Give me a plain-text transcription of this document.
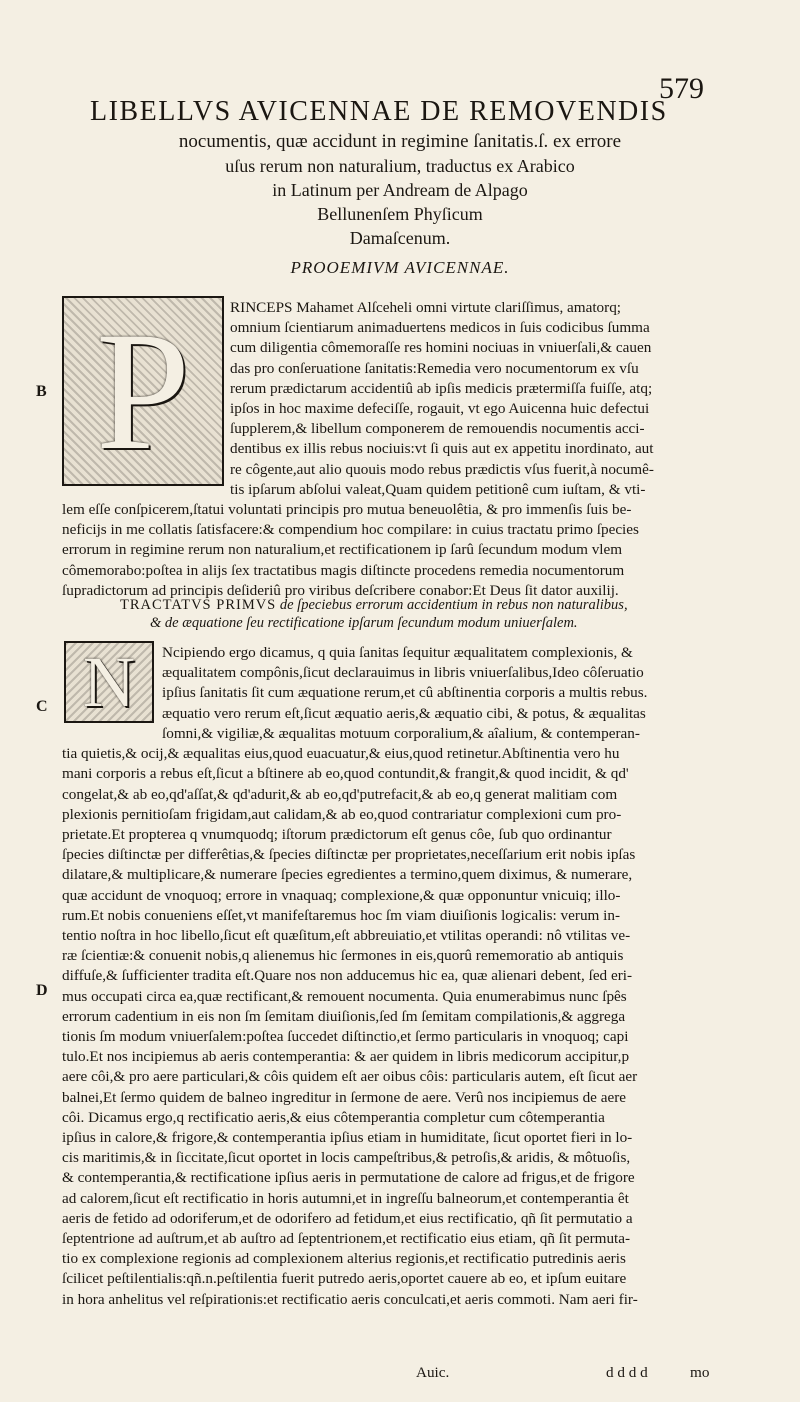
579
LIBELLVS AVICENNAE DE REMOVENDIS
nocumentis, quæ accidunt in regimine ſanitatis.ſ. ex errore
uſus rerum non naturalium, traductus ex Arabico
in Latinum per Andream de Alpago
Bellunenſem Phyſicum
Damaſcenum.
PROOEMIVM AVICENNAE.
P
B
RINCEPS Mahamet Alſceheli omni virtute clariſſimus, amatorq;
omnium ſcientiarum animaduertens medicos in ſuis codicibus ſumma
cum diligentia cômemoraſſe res homini nociuas in vniuerſali,& cauen
das pro conſeruatione ſanitatis:Remedia vero nocumentorum ex vſu
rerum prædictarum accidentiû ab ipſis medicis prætermiſſa fuiſſe, atq;
ipſos in hoc maxime defeciſſe, rogauit, vt ego Auicenna huic defectui
ſupplerem,& libellum componerem de remouendis nocumentis acci-
dentibus ex illis rebus nociuis:vt ſi quis aut ex appetitu inordinato, aut
re côgente,aut alio quouis modo rebus prædictis vſus fuerit,à nocumê-
tis ipſarum abſolui valeat,Quam quidem petitionê cum iuſtam, & vti-
lem eſſe conſpicerem,ſtatui voluntati principis pro mutua beneuolêtia, & pro immenſis ſuis be-
neficijs in me collatis ſatisfacere:& compendium hoc compilare: in cuius tractatu primo ſpecies
errorum in regimine rerum non naturalium,et rectificationem ip ſarû ſecundum modum vlem
cômemorabo:poſtea in alijs ſex tractatibus magis diſtincte procedens remedia nocumentorum
ſupradictorum ad principis deſideriû pro viribus deſcribere conabor:Et Deus ſit dator auxilij.
TRACTATVS PRIMVS de ſpeciebus errorum accidentium in rebus non naturalibus,
& de æquatione ſeu rectificatione ipſarum ſecundum modum uniuerſalem.
N
C
D
Ncipiendo ergo dicamus, q quia ſanitas ſequitur æqualitatem complexionis, &
æqualitatem compônis,ſicut declarauimus in libris vniuerſalibus,Ideo côſeruatio
ipſius ſanitatis ſit cum æquatione rerum,et cû abſtinentia corporis a multis rebus.
æquatio vero rerum eſt,ſicut æquatio aeris,& æquatio cibi, & potus, & æqualitas
ſomni,& vigiliæ,& æqualitas motuum corporalium,& aîalium, & contemperan-
tia quietis,& ocij,& æqualitas eius,quod euacuatur,& eius,quod retinetur.Abſtinentia vero hu
mani corporis a rebus eſt,ſicut a bſtinere ab eo,quod contundit,& frangit,& quod incidit, & qd'
congelat,& ab eo,qd'aſſat,& qd'adurit,& ab eo,qd'putrefacit,& ab eo,q generat malitiam com
plexionis pernitioſam frigidam,aut calidam,& ab eo,quod contrariatur complexioni cum pro-
prietate.Et propterea q vnumquodq; iſtorum prædictorum eſt genus côe, ſub quo ordinantur
ſpecies diſtinctæ per differêtias,& ſpecies diſtinctæ per proprietates,neceſſarium erit nobis ipſas
dilatare,& multiplicare,& numerare ſpecies egredientes a termino,quem diximus, & numerare,
quæ accidunt de vnoquoq; errore in vnaquaq; complexione,& quæ opponuntur vnicuiq; illo-
rum.Et nobis conueniens eſſet,vt manifeſtaremus hoc ſm viam diuiſionis logicalis: verum in-
tentio noſtra in hoc libello,ſicut eſt quæſitum,eſt abbreuiatio,et vtilitas operandi: nô vtilitas ve-
ræ ſcientiæ:& conuenit nobis,q alienemus hic ſermones in eis,quorû rememoratio ab antiquis
diffuſe,& ſufficienter tradita eſt.Quare nos non adducemus hic ea, quæ alienari debent, ſed eri-
mus occupati circa ea,quæ rectificant,& remouent nocumenta. Quia enumerabimus nunc ſpês
errorum cadentium in eis non ſm ſemitam diuiſionis,ſed ſm ſemitam compilationis,& aggrega
tionis ſm modum vniuerſalem:poſtea ſuccedet diſtinctio,et ſermo particularis in vnoquoq; capi
tulo.Et nos incipiemus ab aeris contemperantia: & aer quidem in libris medicorum accipitur,p
aere côi,& pro aere particulari,& côis quidem eſt aer oibus côis: particularis autem, eſt ſicut aer
balnei,Et ſermo quidem de balneo ingreditur in ſermone de aere. Verû nos incipiemus de aere
côi. Dicamus ergo,q rectificatio aeris,& eius côtemperantia completur cum côtemperantia
ipſius in calore,& frigore,& contemperantia ipſius etiam in humiditate, ſicut oportet fieri in lo-
cis maritimis,& in ſiccitate,ſicut oportet in locis campeſtribus,& petroſis,& aridis, & môtuoſis,
& contemperantia,& rectificatione ipſius aeris in permutatione de calore ad frigus,et de frigore
ad calorem,ſicut eſt rectificatio in horis autumni,et in ingreſſu balneorum,et contemperantia êt
aeris de fetido ad odoriferum,et de odorifero ad fetidum,et eius rectificatio, qñ ſit permutatio a
ſeptentrione ad auſtrum,et ab auſtro ad ſeptentrionem,et rectificatio eius etiam, qñ ſit permuta-
tio ex complexione regionis ad complexionem alterius regionis,et rectificatio putredinis aeris
ſcilicet peſtilentialis:qñ.n.peſtilentia fuerit putredo aeris,oportet cauere ab eo, et ipſum euitare
in hora anhelitus vel reſpirationis:et rectificatio aeris conculcati,et aeris commoti. Nam aeri fir-
Auic.	d d d d	mo
